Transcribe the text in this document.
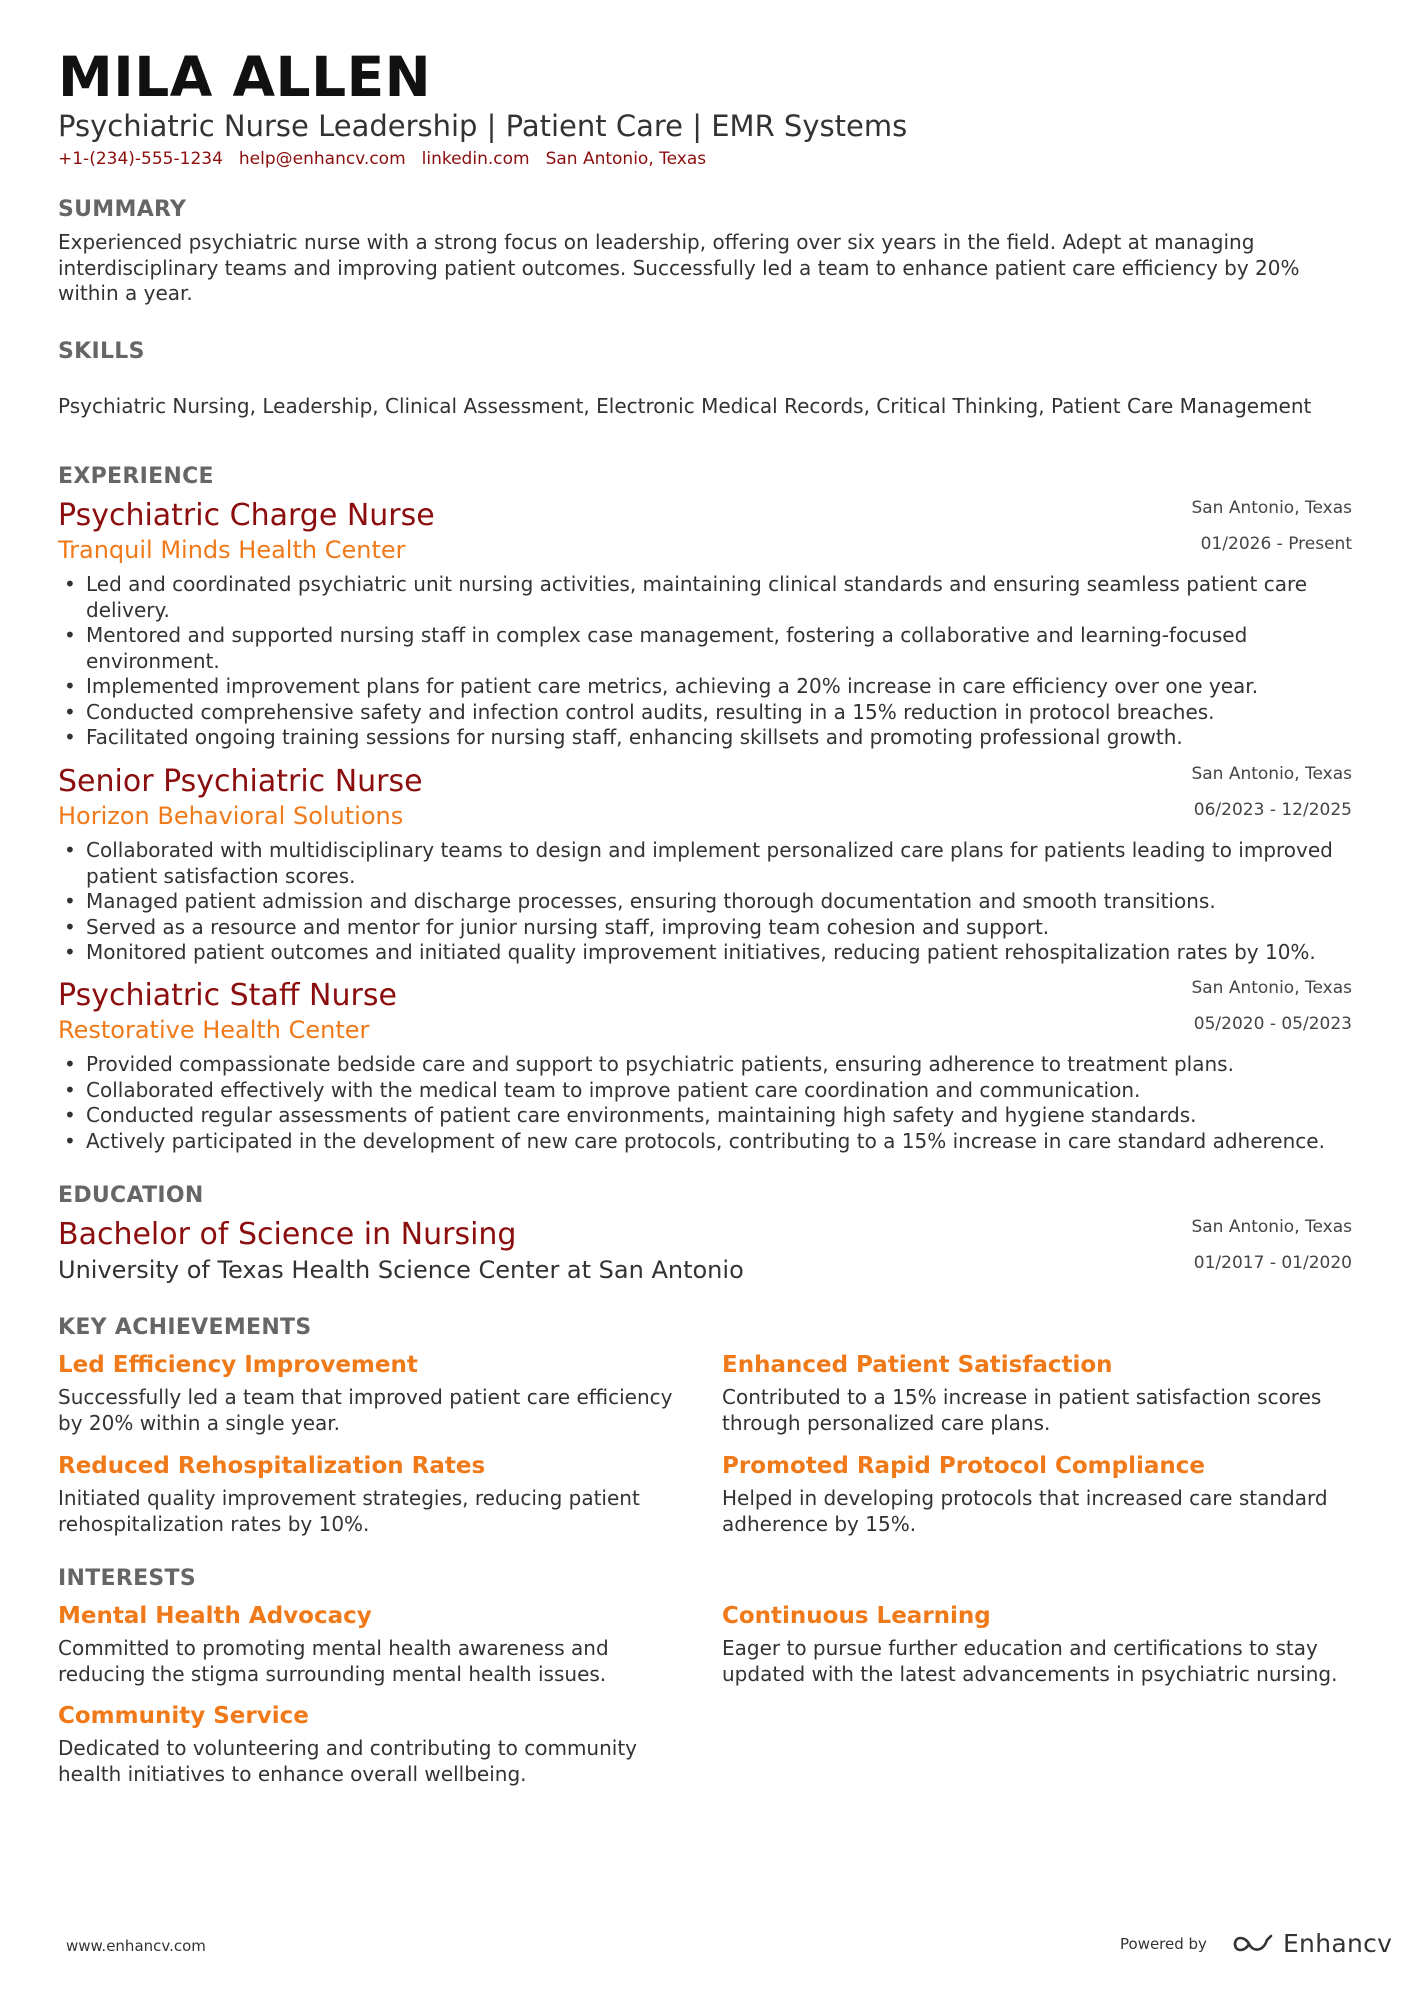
MILA ALLEN
Psychiatric Nurse Leadership | Patient Care | EMR Systems
+1-(234)-555-1234 help@enhancv.com linkedin.com San Antonio, Texas
SUMMARY
Experienced psychiatric nurse with a strong focus on leadership, offering over six years in the field. Adept at managing interdisciplinary teams and improving patient outcomes. Successfully led a team to enhance patient care efficiency by 20% within a year.
SKILLS
Psychiatric Nursing, Leadership, Clinical Assessment, Electronic Medical Records, Critical Thinking, Patient Care Management
EXPERIENCE
Psychiatric Charge Nurse	San Antonio, Texas
Tranquil Minds Health Center	01/2026 - Present
• Led and coordinated psychiatric unit nursing activities, maintaining clinical standards and ensuring seamless patient care delivery.
• Mentored and supported nursing staff in complex case management, fostering a collaborative and learning-focused environment.
• Implemented improvement plans for patient care metrics, achieving a 20% increase in care efficiency over one year.
• Conducted comprehensive safety and infection control audits, resulting in a 15% reduction in protocol breaches.
• Facilitated ongoing training sessions for nursing staff, enhancing skillsets and promoting professional growth.
Senior Psychiatric Nurse	San Antonio, Texas
Horizon Behavioral Solutions	06/2023 - 12/2025
• Collaborated with multidisciplinary teams to design and implement personalized care plans for patients leading to improved patient satisfaction scores.
• Managed patient admission and discharge processes, ensuring thorough documentation and smooth transitions.
• Served as a resource and mentor for junior nursing staff, improving team cohesion and support.
• Monitored patient outcomes and initiated quality improvement initiatives, reducing patient rehospitalization rates by 10%.
Psychiatric Staff Nurse	San Antonio, Texas
Restorative Health Center	05/2020 - 05/2023
• Provided compassionate bedside care and support to psychiatric patients, ensuring adherence to treatment plans.
• Collaborated effectively with the medical team to improve patient care coordination and communication.
• Conducted regular assessments of patient care environments, maintaining high safety and hygiene standards.
• Actively participated in the development of new care protocols, contributing to a 15% increase in care standard adherence.
EDUCATION
Bachelor of Science in Nursing	San Antonio, Texas
University of Texas Health Science Center at San Antonio	01/2017 - 01/2020
KEY ACHIEVEMENTS
Led Efficiency Improvement
Successfully led a team that improved patient care efficiency by 20% within a single year.
Enhanced Patient Satisfaction
Contributed to a 15% increase in patient satisfaction scores through personalized care plans.
Reduced Rehospitalization Rates
Initiated quality improvement strategies, reducing patient rehospitalization rates by 10%.
Promoted Rapid Protocol Compliance
Helped in developing protocols that increased care standard adherence by 15%.
INTERESTS
Mental Health Advocacy
Committed to promoting mental health awareness and reducing the stigma surrounding mental health issues.
Continuous Learning
Eager to pursue further education and certifications to stay updated with the latest advancements in psychiatric nursing.
Community Service
Dedicated to volunteering and contributing to community health initiatives to enhance overall wellbeing.
www.enhancv.com	Powered by	Enhancv
